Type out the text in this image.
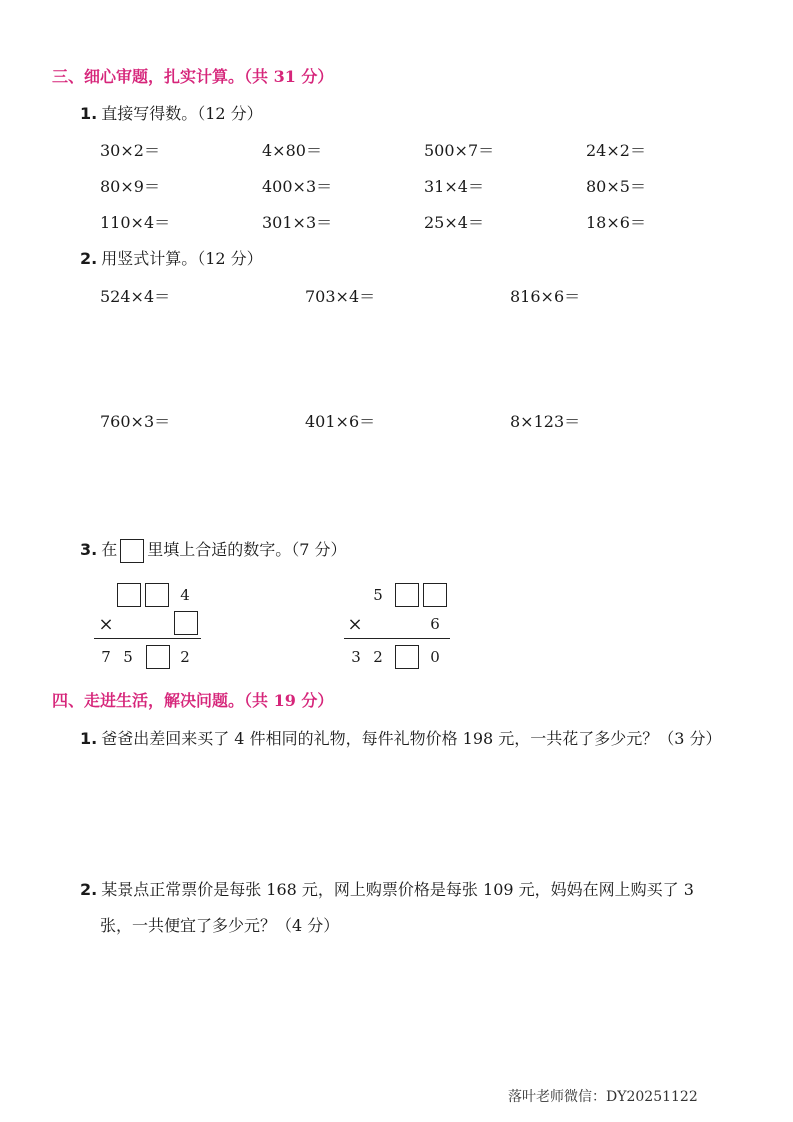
三、细心审题，扎实计算。（共 31 分）
1. 直接写得数。（12 分）
30×2＝	4×80＝	500×7＝	24×2＝
80×9＝	400×3＝	31×4＝	80×5＝
110×4＝	301×3＝	25×4＝	18×6＝
2. 用竖式计算。（12 分）
524×4＝	703×4＝	816×6＝
760×3＝	401×6＝	8×123＝
3. 在 里填上合适的数字。（7 分）
4
×
7 5	2
5
×	6
3 2	0
四、走进生活，解决问题。（共 19 分）
1. 爸爸出差回来买了 4 件相同的礼物，每件礼物价格 198 元，一共花了多少元？（3 分）
2. 某景点正常票价是每张 168 元，网上购票价格是每张 109 元，妈妈在网上购买了 3
张，一共便宜了多少元？（4 分）
落叶老师微信：DY20251122
